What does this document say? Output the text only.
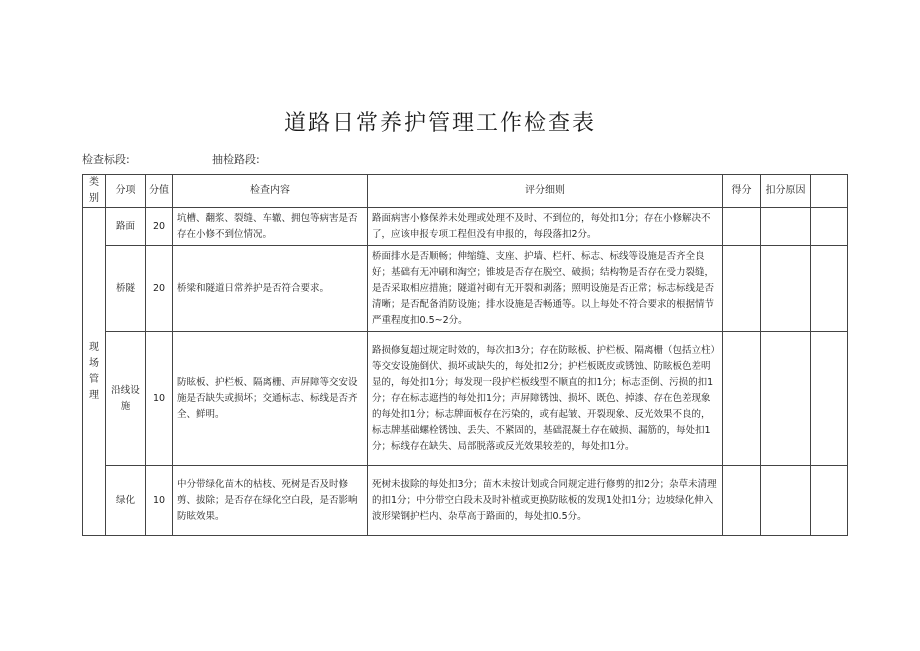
道路日常养护管理工作检查表
检查标段:	抽检路段:
类别	分项	分值	检查内容	评分细则	得分	扣分原因	
现 场 管理	路面	20	坑槽、翻浆、裂缝、车辙、拥包等病害是否存在小修不到位情况。	路面病害小修保养未处理或处理不及时、不到位的，每处扣1分；存在小修解决不了，应该申报专项工程但没有申报的，每段落扣2分。			
	桥隧	20	桥梁和隧道日常养护是否符合要求。	桥面排水是否顺畅；伸缩缝、支座、护墙、栏杆、标志、标线等设施是否齐全良好；基础有无冲刷和淘空；锥坡是否存在脱空、破损；结构物是否存在受力裂缝，是否采取相应措施；隧道衬砌有无开裂和剥落；照明设施是否正常；标志标线是否清晰；是否配备消防设施；排水设施是否畅通等。以上每处不符合要求的根据情节严重程度扣0.5~2分。			
	沿线设施	10	防眩板、护栏板、隔离栅、声屏障等交安设施是否缺失或损坏；交通标志、标线是否齐全、鲜明。	路损修复超过规定时效的，每次扣3分；存在防眩板、护栏板、隔离栅（包括立柱）等交安设施倒伏、损坏或缺失的，每处扣2分；护栏板既皮或锈蚀、防眩板色差明显的，每处扣1分；每发现一段护栏板线型不顺直的扣1分；标志歪倒、污损的扣1分；存在标志遮挡的每处扣1分；声屏障锈蚀、损坏、既色、掉漆、存在色差现象的每处扣1分；标志牌面板存在污染的，或有起皱、开裂现象、反光效果不良的，标志牌基础螺栓锈蚀、丢失、不紧固的，基础混凝土存在破损、漏筋的，每处扣1分；标线存在缺失、局部脱落或反光效果较差的，每处扣1分。			
	绿化	10	中分带绿化苗木的枯枝、死树是否及时修剪、拔除；是否存在绿化空白段，是否影响防眩效果。	死树未拔除的每处扣3分；苗木未按计划或合同规定进行修剪的扣2分；杂草未清理的扣1分；中分带空白段未及时补植或更换防眩板的发现1处扣1分；边坡绿化伸入波形梁钢护栏内、杂草高于路面的，每处扣0.5分。			
